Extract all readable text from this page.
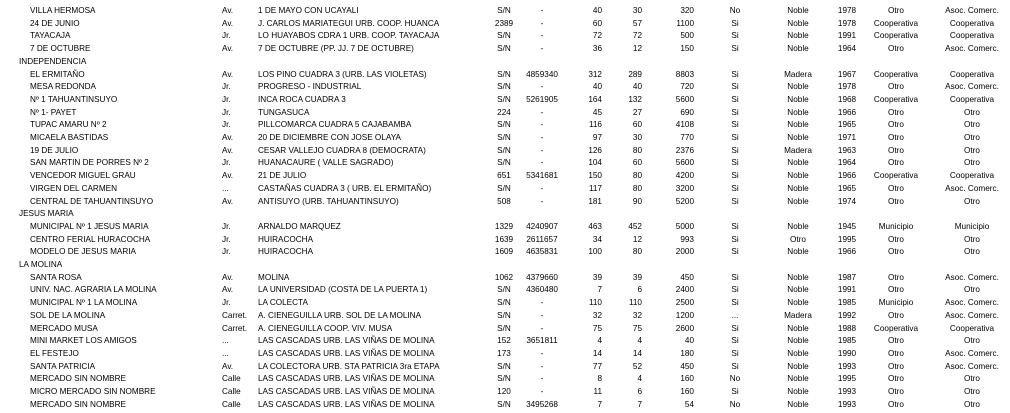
VILLA HERMOSA	Av.	1 DE MAYO CON UCAYALI	S/N	-	40	30	320	No	Noble	1978	Otro	Asoc. Comerc.
24 DE JUNIO	Av.	J. CARLOS MARIATEGUI URB. COOP. HUANCA	2389	-	60	57	1100	Si	Noble	1978	Cooperativa	Cooperativa
TAYACAJA	Jr.	LO HUAYABOS CDRA 1 URB. COOP. TAYACAJA	S/N	-	72	72	500	Si	Noble	1991	Cooperativa	Cooperativa
7 DE OCTUBRE	Av.	7 DE OCTUBRE (PP. JJ. 7 DE OCTUBRE)	S/N	-	36	12	150	Si	Noble	1964	Otro	Asoc. Comerc.
INDEPENDENCIA
EL ERMITAÑO	Av.	LOS PINO CUADRA 3 (URB. LAS VIOLETAS)	S/N	4859340	312	289	8803	Si	Madera	1967	Cooperativa	Cooperativa
MESA REDONDA	Jr.	PROGRESO - INDUSTRIAL	S/N	-	40	40	720	Si	Noble	1978	Otro	Asoc. Comerc.
Nº 1 TAHUANTINSUYO	Jr.	INCA ROCA CUADRA 3	S/N	5261905	164	132	5600	Si	Noble	1968	Cooperativa	Cooperativa
Nº 1- PAYET	Jr.	TUNGASUCA	224	-	45	27	690	Si	Noble	1966	Otro	Otro
TUPAC AMARU Nº 2	Jr.	PILLCOMARCA CUADRA 5 CAJABAMBA	S/N	-	116	60	4108	Si	Noble	1965	Otro	Otro
MICAELA BASTIDAS	Av.	20 DE DICIEMBRE CON JOSE OLAYA	S/N	-	97	30	770	Si	Noble	1971	Otro	Otro
19 DE JULIO	Av.	CESAR VALLEJO CUADRA 8 (DEMOCRATA)	S/N	-	126	80	2376	Si	Madera	1963	Otro	Otro
SAN MARTIN DE PORRES Nº 2	Jr.	HUANACAURE ( VALLE SAGRADO)	S/N	-	104	60	5600	Si	Noble	1964	Otro	Otro
VENCEDOR MIGUEL GRAU	Av.	21 DE JULIO	651	5341681	150	80	4200	Si	Noble	1966	Cooperativa	Cooperativa
VIRGEN DEL CARMEN	...	CASTAÑAS CUADRA 3 ( URB. EL ERMITAÑO)	S/N	-	117	80	3200	Si	Noble	1965	Otro	Asoc. Comerc.
CENTRAL DE TAHUANTINSUYO	Av.	ANTISUYO (URB. TAHUANTINSUYO)	508	-	181	90	5200	Si	Noble	1974	Otro	Otro
JESUS MARIA
MUNICIPAL Nº 1 JESUS MARIA	Jr.	ARNALDO MARQUEZ	1329	4240907	463	452	5000	Si	Noble	1945	Municipio	Municipio
CENTRO FERIAL HURACOCHA	Jr.	HUIRACOCHA	1639	2611657	34	12	993	Si	Otro	1995	Otro	Otro
MODELO DE JESUS MARIA	Jr.	HUIRACOCHA	1609	4635831	100	80	2000	Si	Noble	1966	Otro	Otro
LA MOLINA
SANTA ROSA	Av.	MOLINA	1062	4379660	39	39	450	Si	Noble	1987	Otro	Asoc. Comerc.
UNIV. NAC. AGRARIA LA MOLINA	Av.	LA UNIVERSIDAD (COSTA DE LA PUERTA 1)	S/N	4360480	7	6	2400	Si	Noble	1991	Otro	Otro
MUNICIPAL Nº 1 LA MOLINA	Jr.	LA COLECTA	S/N	-	110	110	2500	Si	Noble	1985	Municipio	Asoc. Comerc.
SOL DE LA MOLINA	Carret.	A. CIENEGUILLA URB. SOL DE LA MOLINA	S/N	-	32	32	1200	...	Madera	1992	Otro	Asoc. Comerc.
MERCADO MUSA	Carret.	A. CIENEGUILLA COOP. VIV. MUSA	S/N	-	75	75	2600	Si	Noble	1988	Cooperativa	Cooperativa
MINI MARKET LOS AMIGOS	...	LAS CASCADAS URB. LAS VIÑAS DE MOLINA	152	3651811	4	4	40	Si	Noble	1985	Otro	Otro
EL FESTEJO	...	LAS CASCADAS URB. LAS VIÑAS DE MOLINA	173	-	14	14	180	Si	Noble	1990	Otro	Asoc. Comerc.
SANTA PATRICIA	Av.	LA COLECTORA URB. STA PATRICIA 3ra ETAPA	S/N	-	77	52	450	Si	Noble	1993	Otro	Asoc. Comerc.
MERCADO SIN NOMBRE	Calle	LAS CASCADAS URB. LAS VIÑAS DE MOLINA	S/N	-	8	4	160	No	Noble	1995	Otro	Otro
MICRO MERCADO SIN NOMBRE	Calle	LAS CASCADAS URB. LAS VIÑAS DE MOLINA	120	-	11	6	160	Si	Noble	1993	Otro	Otro
MERCADO SIN NOMBRE	Calle	LAS CASCADAS URB. LAS VIÑAS DE MOLINA	S/N	3495268	7	7	54	No	Noble	1993	Otro	Otro
